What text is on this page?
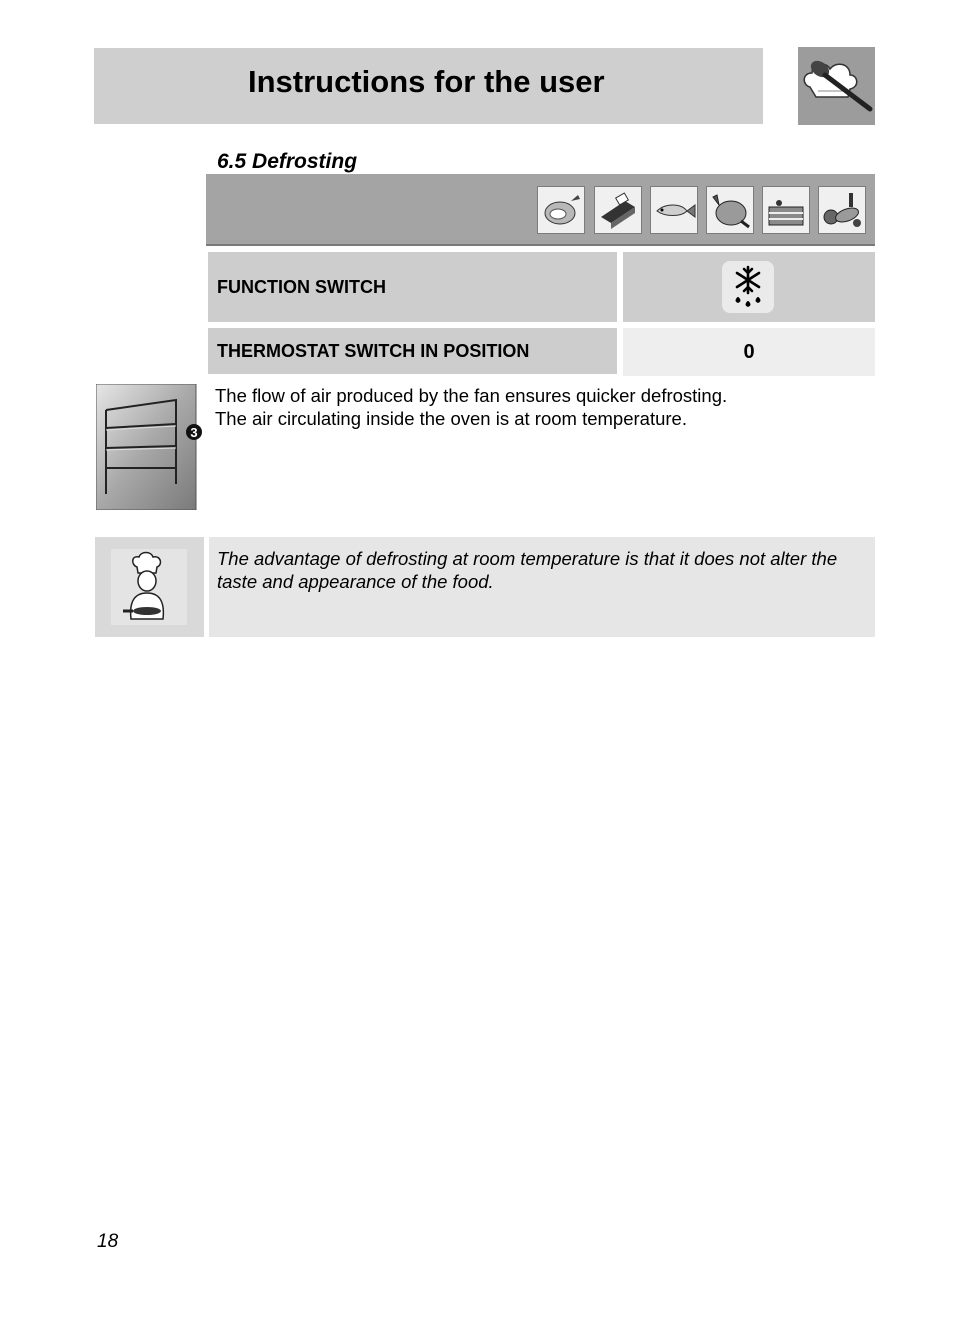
Instructions for the user
6.5 Defrosting
FUNCTION SWITCH
THERMOSTAT SWITCH IN POSITION	0
3
The flow of air produced by the fan ensures quicker defrosting.
The air circulating inside the oven is at room temperature.
The advantage of defrosting at room temperature is that it does not alter the taste and appearance of the food.
18
